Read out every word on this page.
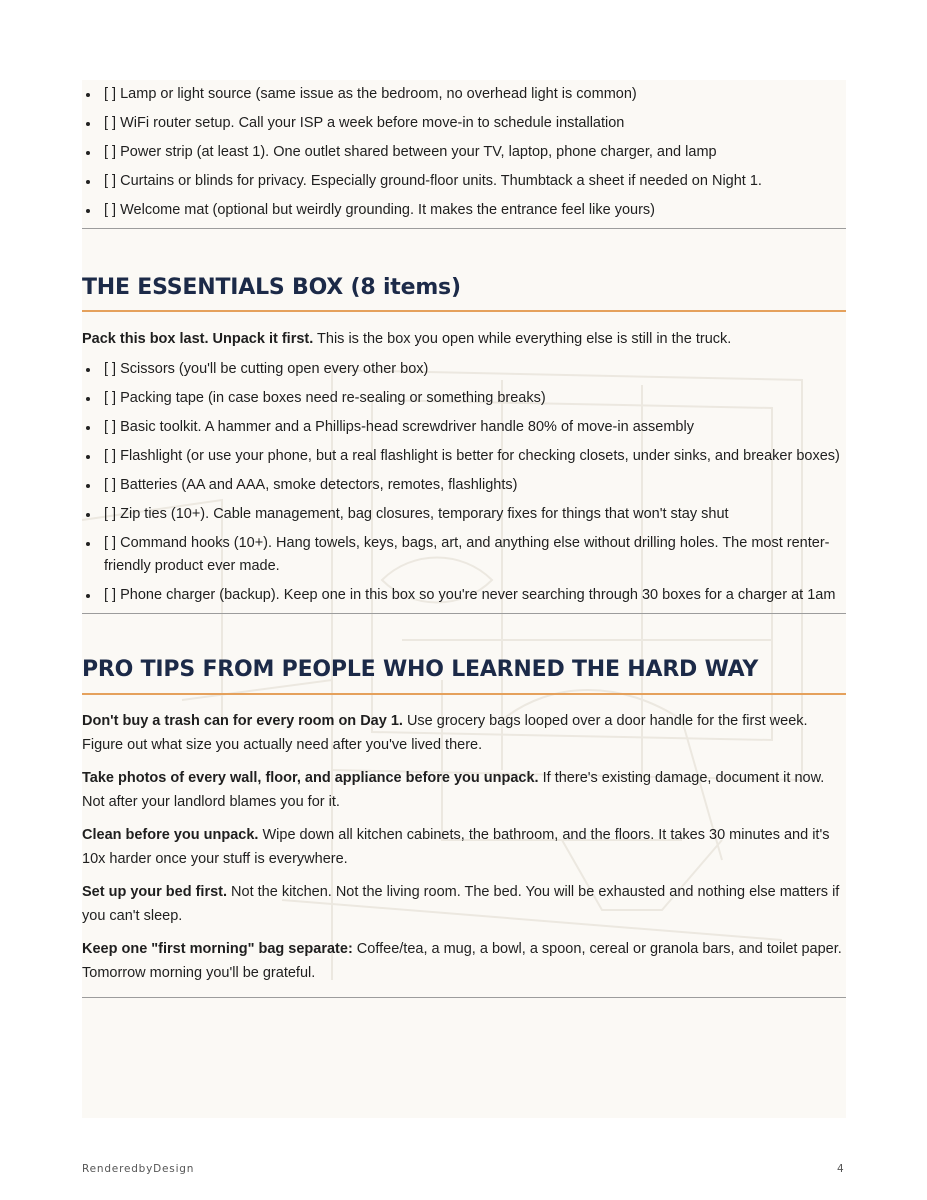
[ ] Lamp or light source (same issue as the bedroom, no overhead light is common)
[ ] WiFi router setup. Call your ISP a week before move-in to schedule installation
[ ] Power strip (at least 1). One outlet shared between your TV, laptop, phone charger, and lamp
[ ] Curtains or blinds for privacy. Especially ground-floor units. Thumbtack a sheet if needed on Night 1.
[ ] Welcome mat (optional but weirdly grounding. It makes the entrance feel like yours)
THE ESSENTIALS BOX (8 items)

Pack this box last. Unpack it first. This is the box you open while everything else is still in the truck.

[ ] Scissors (you'll be cutting open every other box)
[ ] Packing tape (in case boxes need re-sealing or something breaks)
[ ] Basic toolkit. A hammer and a Phillips-head screwdriver handle 80% of move-in assembly
[ ] Flashlight (or use your phone, but a real flashlight is better for checking closets, under sinks, and breaker boxes)
[ ] Batteries (AA and AAA, smoke detectors, remotes, flashlights)
[ ] Zip ties (10+). Cable management, bag closures, temporary fixes for things that won't stay shut
[ ] Command hooks (10+). Hang towels, keys, bags, art, and anything else without drilling holes. The most renter-friendly product ever made.
[ ] Phone charger (backup). Keep one in this box so you're never searching through 30 boxes for a charger at 1am
PRO TIPS FROM PEOPLE WHO LEARNED THE HARD WAY

Don't buy a trash can for every room on Day 1. Use grocery bags looped over a door handle for the first week. Figure out what size you actually need after you've lived there.

Take photos of every wall, floor, and appliance before you unpack. If there's existing damage, document it now. Not after your landlord blames you for it.

Clean before you unpack. Wipe down all kitchen cabinets, the bathroom, and the floors. It takes 30 minutes and it's 10x harder once your stuff is everywhere.

Set up your bed first. Not the kitchen. Not the living room. The bed. You will be exhausted and nothing else matters if you can't sleep.

Keep one "first morning" bag separate: Coffee/tea, a mug, a bowl, a spoon, cereal or granola bars, and toilet paper. Tomorrow morning you'll be grateful.

RenderedbyDesign	4
